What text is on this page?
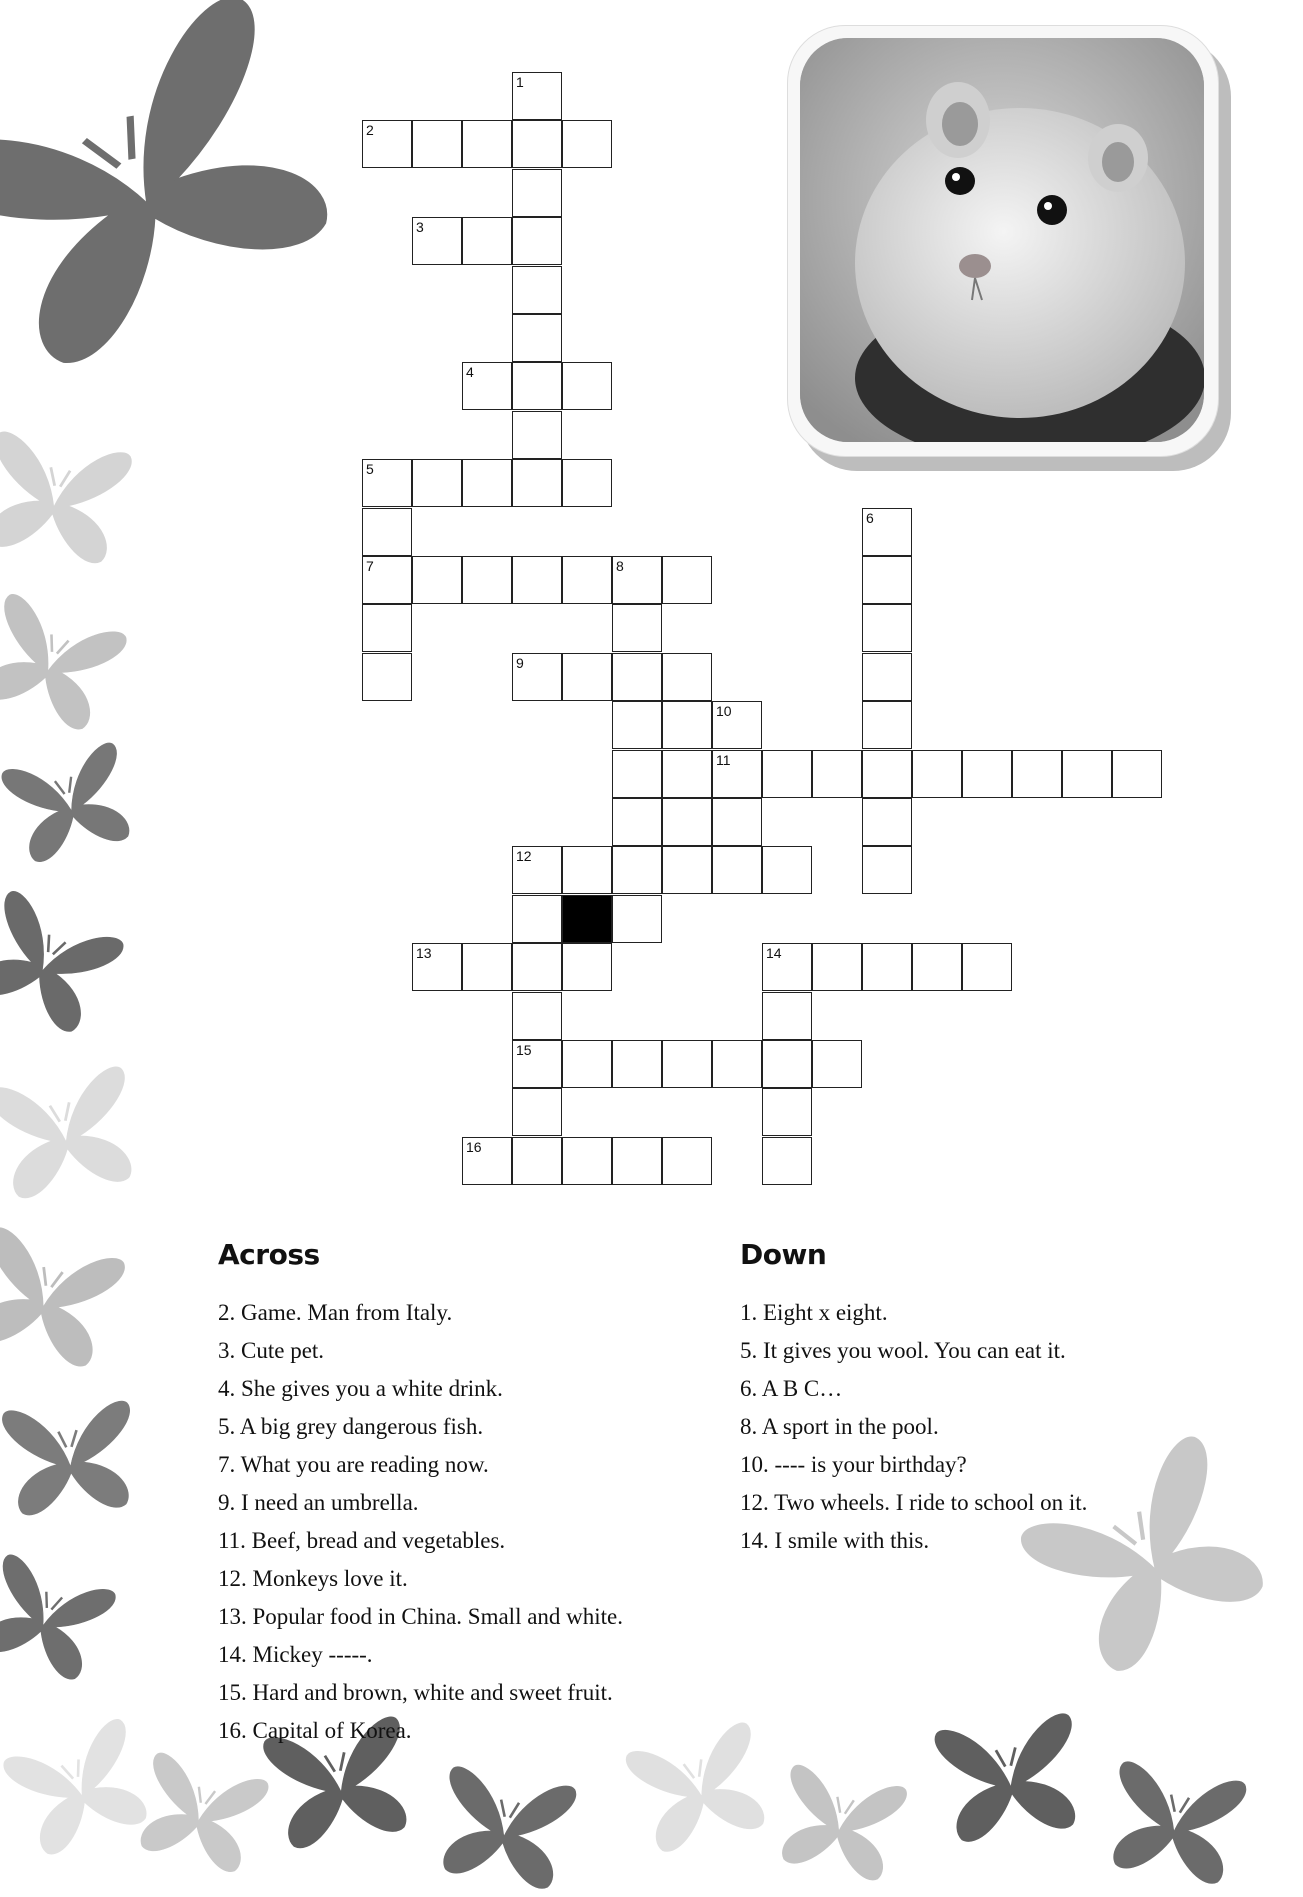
1
2
3
4
5
6
7	8
9
10
11
12
13	14
15
16
Across	Down
2. Game. Man from Italy.
3. Cute pet.
4. She gives you a white drink.
5. A big grey dangerous fish.
7. What you are reading now.
9. I need an umbrella.
11. Beef, bread and vegetables.
12. Monkeys love it.
13. Popular food in China. Small and white.
14. Mickey -----.
15. Hard and brown, white and sweet fruit.
16. Capital of Korea.
1. Eight x eight.
5. It gives you wool. You can eat it.
6. A B C…
8. A sport in the pool.
10. ---- is your birthday?
12. Two wheels. I ride to school on it.
14. I smile with this.
